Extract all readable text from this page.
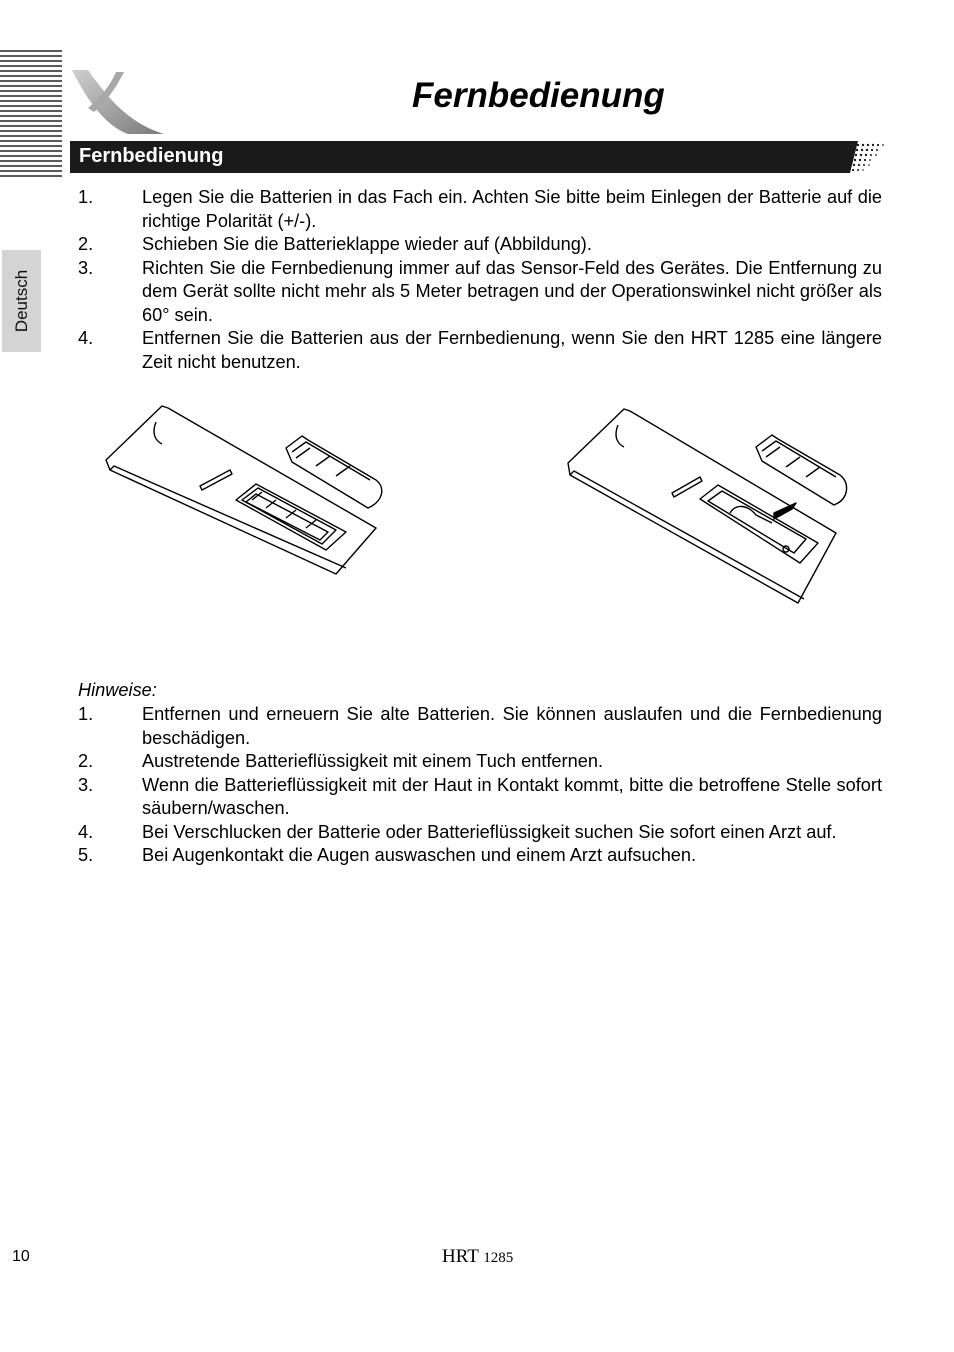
Deutsch
Fernbedienung
Fernbedienung
1.	Legen Sie die Batterien in das Fach ein. Achten Sie bitte beim Einlegen der Batterie auf die richtige Polarität (+/-).
2.	Schieben Sie die Batterieklappe wieder auf (Abbildung).
3.	Richten Sie die Fernbedienung immer auf das Sensor-Feld des Gerätes. Die Entfernung zu dem Gerät sollte nicht mehr als 5 Meter betragen und der Operationswinkel nicht größer als 60° sein.
4.	Entfernen Sie die Batterien aus der Fernbedienung, wenn Sie den HRT 1285 eine längere Zeit nicht benutzen.
Hinweise:
1.	Entfernen und erneuern Sie alte Batterien. Sie können auslaufen und die Fernbedienung beschädigen.
2.	Austretende Batterieflüssigkeit mit einem Tuch entfernen.
3.	Wenn die Batterieflüssigkeit mit der Haut in Kontakt kommt, bitte die betroffene Stelle sofort säubern/waschen.
4.	Bei Verschlucken der Batterie oder Batterieflüssigkeit suchen Sie sofort einen Arzt auf.
5.	Bei Augenkontakt die Augen auswaschen und einem Arzt aufsuchen.
10	HRT 1285
